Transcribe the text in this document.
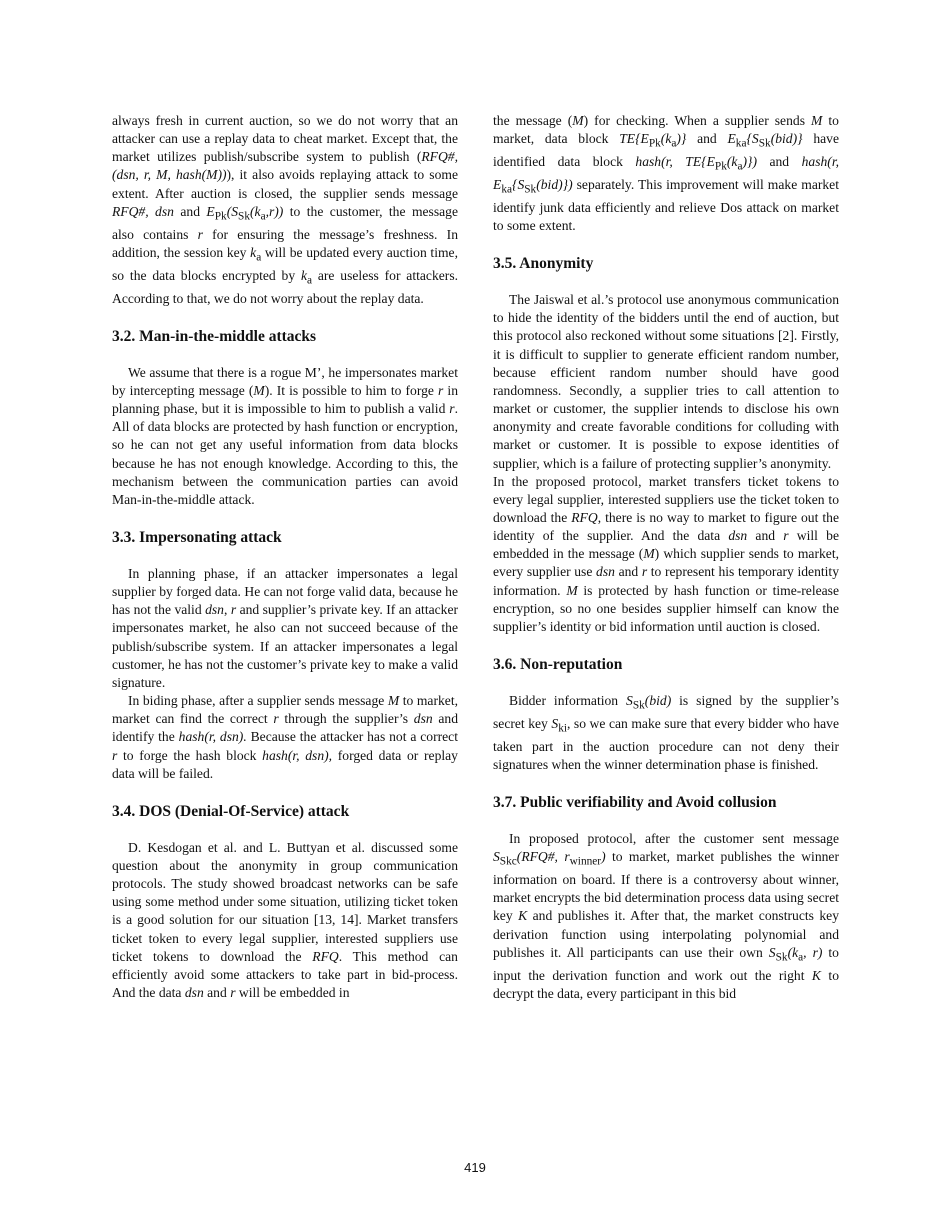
always fresh in current auction, so we do not worry that an attacker can use a replay data to cheat market. Except that, the market utilizes publish/subscribe system to publish (RFQ#, (dsn, r, M, hash(M))), it also avoids replaying attack to some extent. After auction is closed, the supplier sends message RFQ#, dsn and $E_{Pk}(S_{Sk}(k_a,r))$ to the customer, the message also contains r for ensuring the message’s freshness. In addition, the session key $k_a$ will be updated every auction time, so the data blocks encrypted by $k_a$ are useless for attackers. According to that, we do not worry about the replay data.

3.2. Man-in-the-middle attacks

We assume that there is a rogue M’, he impersonates market by intercepting message (M). It is possible to him to forge r in planning phase, but it is impossible to him to publish a valid r. All of data blocks are protected by hash function or encryption, so he can not get any useful information from data blocks because he has not enough knowledge. According to this, the mechanism between the communication parties can avoid Man-in-the-middle attack.

3.3. Impersonating attack

In planning phase, if an attacker impersonates a legal supplier by forged data. He can not forge valid data, because he has not the valid dsn, r and supplier’s private key. If an attacker impersonates market, he also can not succeed because of the publish/subscribe system. If an attacker impersonates a legal customer, he has not the customer’s private key to make a valid signature.

In biding phase, after a supplier sends message M to market, market can find the correct r through the supplier’s dsn and identify the hash(r, dsn). Because the attacker has not a correct r to forge the hash block hash(r, dsn), forged data or replay data will be failed.

3.4. DOS (Denial-Of-Service) attack

D. Kesdogan et al. and L. Buttyan et al. discussed some question about the anonymity in group communication protocols. The study showed broadcast networks can be safe using some method under some situation, utilizing ticket token is a good solution for our situation [13, 14]. Market transfers ticket token to every legal supplier, interested suppliers use ticket tokens to download the RFQ. This method can efficiently avoid some attackers to take part in bid-process. And the data dsn and r will be embedded in

the message (M) for checking. When a supplier sends M to market, data block $TE\{E_{Pk}(k_a)\}$ and $E_{ka}\{S_{Sk}(bid)\}$ have identified data block hash(r, $TE\{E_{Pk}(k_a)\}$) and hash(r, $E_{ka}\{S_{Sk}(bid)\}$) separately. This improvement will make market identify junk data efficiently and relieve Dos attack on market to some extent.

3.5. Anonymity

The Jaiswal et al.’s protocol use anonymous communication to hide the identity of the bidders until the end of auction, but this protocol also reckoned without some situations [2]. Firstly, it is difficult to supplier to generate efficient random number, because efficient random number should have good randomness. Secondly, a supplier tries to call attention to market or customer, the supplier intends to disclose his own anonymity and create favorable conditions for colluding with market or customer. It is possible to expose identities of supplier, which is a failure of protecting supplier’s anonymity.

In the proposed protocol, market transfers ticket tokens to every legal supplier, interested suppliers use the ticket token to download the RFQ, there is no way to market to figure out the identity of the supplier. And the data dsn and r will be embedded in the message (M) which supplier sends to market, every supplier use dsn and r to represent his temporary identity information. M is protected by hash function or time-release encryption, so no one besides supplier himself can know the supplier’s identity or bid information until auction is closed.

3.6. Non-reputation

Bidder information $S_{Sk}(bid)$ is signed by the supplier’s secret key $S_{ki}$, so we can make sure that every bidder who have taken part in the auction procedure can not deny their signatures when the winner determination phase is finished.

3.7. Public verifiability and Avoid collusion

In proposed protocol, after the customer sent message $S_{Skc}(RFQ\#$, $r_{winner}$) to market, market publishes the winner information on board. If there is a controversy about winner, market encrypts the bid determination process data using secret key K and publishes it. After that, the market constructs key derivation function using interpolating polynomial and publishes it. All participants can use their own $S_{Sk}(k_a$, r) to input the derivation function and work out the right K to decrypt the data, every participant in this bid

419
